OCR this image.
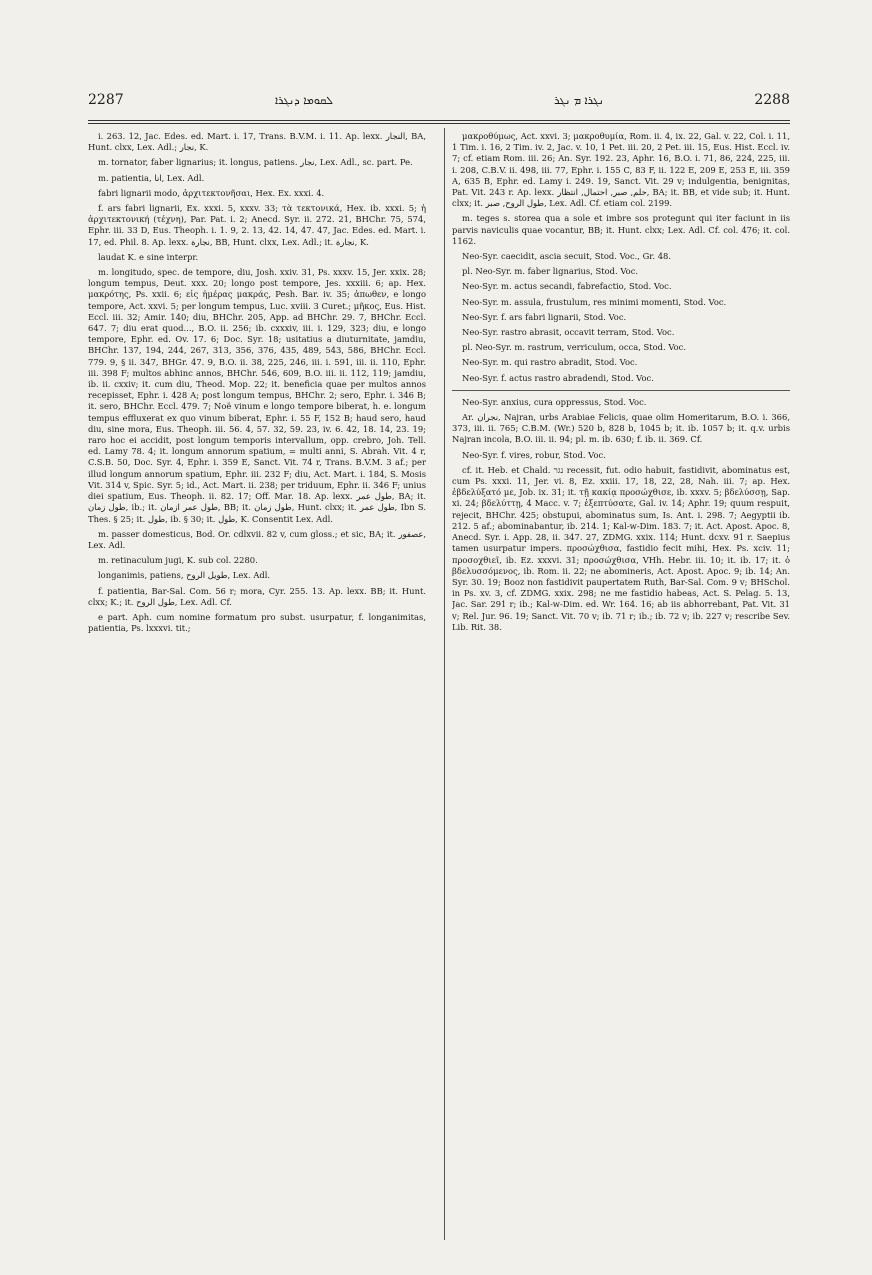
2287	ܠܩܘܡܐ ܕܢܓܪܐ	ܢܓܪܐ ܡ ܢܓܪ	2288

i. 263. 12, Jac. Edes. ed. Mart. i. 17, Trans. B.V.M. i. 11. Ap. lexx. النجار, BA, Hunt. clxx, Lex. Adl.; نجار, K.

m. tornator, faber lignarius; it. longus, patiens. نجار, Lex. Adl., sc. part. Pe.

m. patientia, انا, Lex. Adl.

fabri lignarii modo, ἀρχιτεκτονῆσαι, Hex. Ex. xxxi. 4.

f. ars fabri lignarii, Ex. xxxi. 5, xxxv. 33; τὰ τεκτονικά, Hex. ib. xxxi. 5; ἡ ἀρχιτεκτονική (τέχνη), Par. Pat. i. 2; Anecd. Syr. ii. 272. 21, BHChr. 75, 574, Ephr. iii. 33 D, Eus. Theoph. i. 1. 9, 2. 13, 42. 14, 47. 47, Jac. Edes. ed. Mart. i. 17, ed. Phil. 8. Ap. lexx. نجارة, BB, Hunt. clxx, Lex. Adl.; it. نجارة, K.

laudat K. e sine interpr.

m. longitudo, spec. de tempore, diu, Josh. xxiv. 31, Ps. xxxv. 15, Jer. xxix. 28; longum tempus, Deut. xxx. 20; longo post tempore, Jes. xxxiii. 6; ap. Hex. μακρότης, Ps. xxii. 6; εἰς ἡμέρας μακράς, Pesh. Bar. iv. 35; ἀπωθεν, e longo tempore, Act. xxvi. 5; per longum tempus, Luc. xviii. 3 Curet.; μῆκος, Eus. Hist. Eccl. iii. 32; Amir. 140; diu, BHChr. 205, App. ad BHChr. 29. 7, BHChr. Eccl. 647. 7; diu erat quod..., B.O. ii. 256; ib. cxxxiv, iii. i. 129, 323; diu, e longo tempore, Ephr. ed. Ov. 17. 6; Doc. Syr. 18; usitatius a diuturnitate, jamdiu, BHChr. 137, 194, 244, 267, 313, 356, 376, 435, 489, 543, 586, BHChr. Eccl. 779. 9, § ii. 347, BHGr. 47. 9, B.O. ii. 38, 225, 246, iii. i. 591, iii. ii. 110, Ephr. iii. 398 F; multos abhinc annos, BHChr. 546, 609, B.O. iii. ii. 112, 119; jamdiu, ib. ii. cxxiv; it. cum diu, Theod. Mop. 22; it. beneficia quae per multos annos recepisset, Ephr. i. 428 A; post longum tempus, BHChr. 2; sero, Ephr. i. 346 B; it. sero, BHChr. Eccl. 479. 7; Noë vinum e longo tempore biberat, h. e. longum tempus effluxerat ex quo vinum biberat, Ephr. i. 55 F, 152 B; haud sero, haud diu, sine mora, Eus. Theoph. iii. 56. 4, 57. 32, 59. 23, iv. 6. 42, 18. 14, 23. 19; raro hoc ei accidit, post longum temporis intervallum, opp. crebro, Joh. Tell. ed. Lamy 78. 4; it. longum annorum spatium, = multi anni, S. Abrah. Vit. 4 r, C.S.B. 50, Doc. Syr. 4, Ephr. i. 359 E, Sanct. Vit. 74 r, Trans. B.V.M. 3 af.; per illud longum annorum spatium, Ephr. iii. 232 F; diu, Act. Mart. i. 184, S. Mosis Vit. 314 v, Spic. Syr. 5; id., Act. Mart. ii. 238; per triduum, Ephr. ii. 346 F; unius diei spatium, Eus. Theoph. ii. 82. 17; Off. Mar. 18. Ap. lexx. طول عمر, BA; it. طول زمان, ib.; it. طول عمر ازمان, BB; it. طول زمان, Hunt. clxx; it. طول عمر, Ibn S. Thes. § 25; it. طول, ib. § 30; it. طول, K. Consentit Lex. Adl.

m. passer domesticus, Bod. Or. cdlxvii. 82 v, cum gloss.; et sic, BA; it. عصفور, Lex. Adl.

m. retinaculum jugi, K. sub col. 2280.

longanimis, patiens, طويل الروح, Lex. Adl.

f. patientia, Bar-Sal. Com. 56 r; mora, Cyr. 255. 13. Ap. lexx. BB; it. Hunt. clxx; K.; it. طول الروح, Lex. Adl. Cf.

e part. Aph. cum nomine formatum pro subst. usurpatur, f. longanimitas, patientia, Ps. lxxxvi. tit.;

μακροθύμως, Act. xxvi. 3; μακροθυμία, Rom. ii. 4, ix. 22, Gal. v. 22, Col. i. 11, 1 Tim. i. 16, 2 Tim. iv. 2, Jac. v. 10, 1 Pet. iii. 20, 2 Pet. iii. 15, Eus. Hist. Eccl. iv. 7; cf. etiam Rom. iii. 26; An. Syr. 192. 23, Aphr. 16, B.O. i. 71, 86, 224, 225, iii. i. 208, C.B.V. ii. 498, iii. 77, Ephr. i. 155 C, 83 F, ii. 122 E, 209 E, 253 E, iii. 359 A, 635 B, Ephr. ed. Lamy i. 249. 19, Sanct. Vit. 29 v; indulgentia, benignitas, Pat. Vit. 243 r. Ap. lexx. حلم, صبر, احتمال, انتظار, BA; it. BB, et vide sub; it. Hunt. clxx; it. طول الروح, صبر, Lex. Adl. Cf. etiam col. 2199.

m. teges s. storea qua a sole et imbre sos protegunt qui iter faciunt in iis parvis naviculis quae vocantur, BB; it. Hunt. clxx; Lex. Adl. Cf. col. 476; it. col. 1162.

Neo-Syr. caecidit, ascia secuit, Stod. Voc., Gr. 48.

pl. Neo-Syr. m. faber lignarius, Stod. Voc.

Neo-Syr. m. actus secandi, fabrefactio, Stod. Voc.

Neo-Syr. m. assula, frustulum, res minimi momenti, Stod. Voc.

Neo-Syr. f. ars fabri lignarii, Stod. Voc.

Neo-Syr. rastro abrasit, occavit terram, Stod. Voc.

pl. Neo-Syr. m. rastrum, verriculum, occa, Stod. Voc.

Neo-Syr. m. qui rastro abradit, Stod. Voc.

Neo-Syr. f. actus rastro abradendi, Stod. Voc.

Neo-Syr. anxius, cura oppressus, Stod. Voc.

Ar. نجران, Najran, urbs Arabiae Felicis, quae olim Homeritarum, B.O. i. 366, 373, iii. ii. 765; C.B.M. (Wr.) 520 b, 828 b, 1045 b; it. ib. 1057 b; it. q.v. urbis Najran incola, B.O. iii. ii. 94; pl. m. ib. 630; f. ib. ii. 369. Cf.

Neo-Syr. f. vires, robur, Stod. Voc.

cf. it. Heb. et Chald. נגר recessit, fut. odio habuit, fastidivit, abominatus est, cum Ps. xxxi. 11, Jer. vi. 8, Ez. xxiii. 17, 18, 22, 28, Nah. iii. 7; ap. Hex. ἐβδελύξατό με, Job. ix. 31; it. τῇ κακίᾳ προσώχθισε, ib. xxxv. 5; βδελύσσῃ, Sap. xi. 24; βδελύττῃ, 4 Macc. v. 7; ἐξεπτύσατε, Gal. iv. 14; Aphr. 19; quum respuit, rejecit, BHChr. 425; obstupui, abominatus sum, Is. Ant. i. 298. 7; Aegyptii ib. 212. 5 af.; abominabantur, ib. 214. 1; Kal-w-Dim. 183. 7; it. Act. Apost. Apoc. 8, Anecd. Syr. i. App. 28, ii. 347. 27, ZDMG. xxix. 114; Hunt. dcxv. 91 r. Saepius tamen usurpatur impers. προσώχθισα, fastidio fecit mihi, Hex. Ps. xciv. 11; προσοχθιεῖ, ib. Ez. xxxvi. 31; προσώχθισα, VHh. Hebr. iii. 10; it. ib. 17; it. ὁ βδελυσσόμενος, ib. Rom. ii. 22; ne abomineris, Act. Apost. Apoc. 9; ib. 14; An. Syr. 30. 19; Booz non fastidivit paupertatem Ruth, Bar-Sal. Com. 9 v; BHSchol. in Ps. xv. 3, cf. ZDMG. xxix. 298; ne me fastidio habeas, Act. S. Pelag. 5. 13, Jac. Sar. 291 r; ib.; Kal-w-Dim. ed. Wr. 164. 16; ab iis abhorrebant, Pat. Vit. 31 v; Rel. Jur. 96. 19; Sanct. Vit. 70 v; ib. 71 r; ib.; ib. 72 v; ib. 227 v; rescribe Sev. Lib. Rit. 38.
